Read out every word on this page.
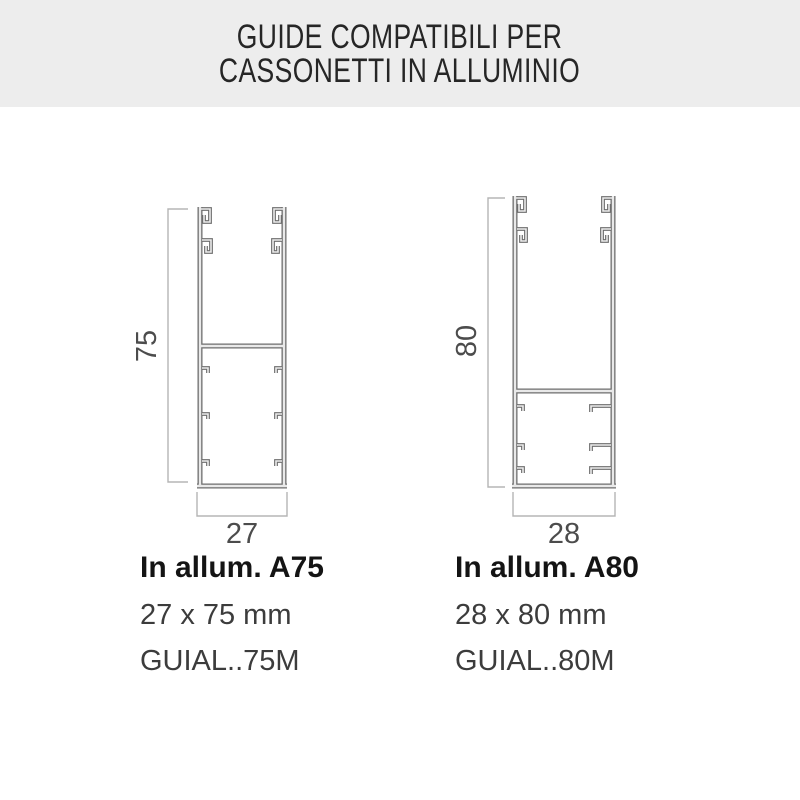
GUIDE COMPATIBILI PER
CASSONETTI IN ALLUMINIO
75
27
80
28

In allum. A75

27 x 75 mm

GUIAL..75M

In allum. A80

28 x 80 mm

GUIAL..80M
